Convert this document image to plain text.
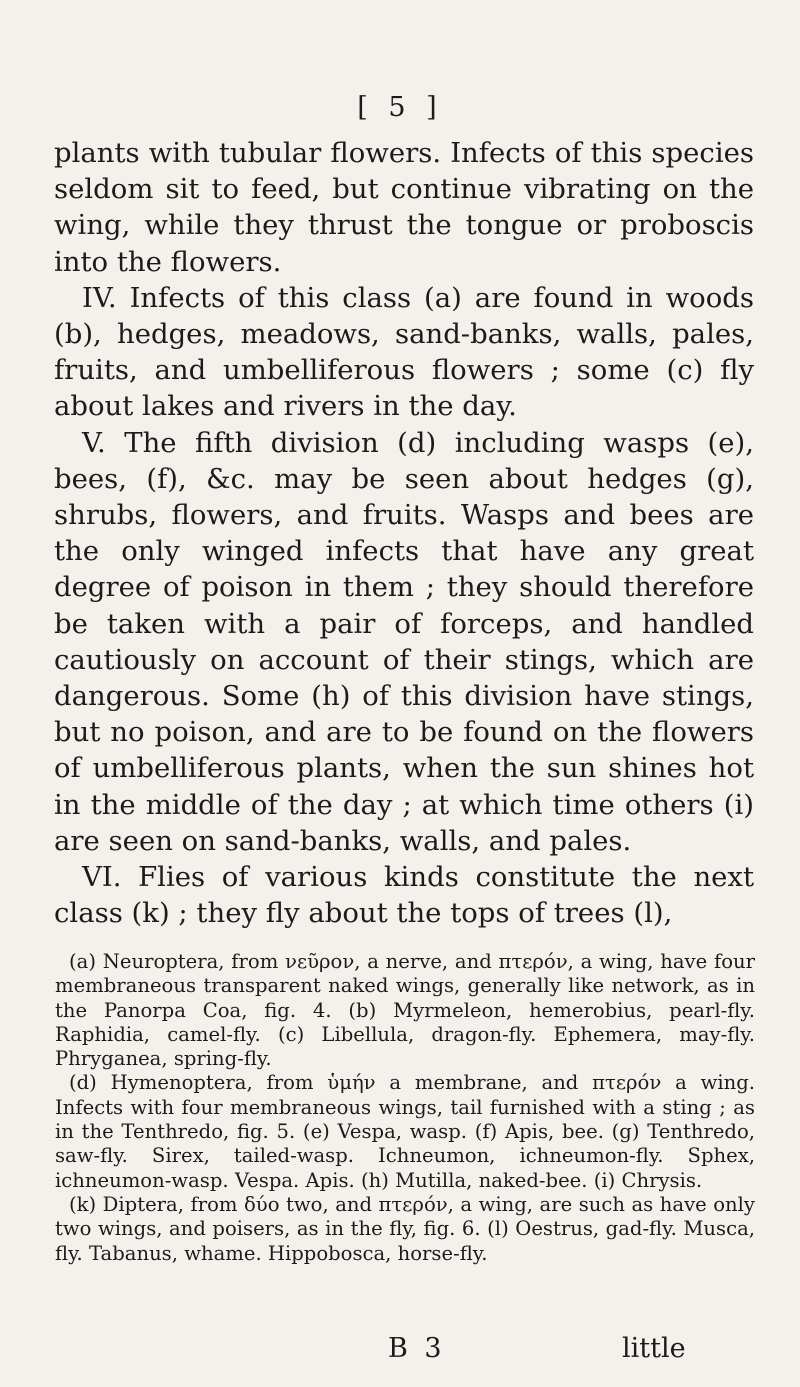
[ 5 ]

plants with tubular flowers. Infects of this species seldom sit to feed, but continue vibrating on the wing, while they thrust the tongue or proboscis into the flowers.

IV. Infects of this class (a) are found in woods (b), hedges, meadows, sand-banks, walls, pales, fruits, and umbelliferous flowers ; some (c) fly about lakes and rivers in the day.

V. The fifth division (d) including wasps (e), bees, (f), &c. may be seen about hedges (g), shrubs, flowers, and fruits. Wasps and bees are the only winged infects that have any great degree of poison in them ; they should therefore be taken with a pair of forceps, and handled cautiously on account of their stings, which are dangerous. Some (h) of this division have stings, but no poison, and are to be found on the flowers of umbelliferous plants, when the sun shines hot in the middle of the day ; at which time others (i) are seen on sand-banks, walls, and pales.

VI. Flies of various kinds constitute the next class (k) ; they fly about the tops of trees (l),

(a) Neuroptera, from νεῦρον, a nerve, and πτερόν, a wing, have four membraneous transparent naked wings, generally like network, as in the Panorpa Coa, fig. 4. (b) Myrmeleon, hemerobius, pearl-fly. Raphidia, camel-fly. (c) Libellula, dragon-fly. Ephemera, may-fly. Phryganea, spring-fly.

(d) Hymenoptera, from ὑμήν a membrane, and πτερόν a wing. Infects with four membraneous wings, tail furnished with a sting ; as in the Tenthredo, fig. 5. (e) Vespa, wasp. (f) Apis, bee. (g) Tenthredo, saw-fly. Sirex, tailed-wasp. Ichneumon, ichneumon-fly. Sphex, ichneumon-wasp. Vespa. Apis. (h) Mutilla, naked-bee. (i) Chrysis.

(k) Diptera, from δύο two, and πτερόν, a wing, are such as have only two wings, and poisers, as in the fly, fig. 6. (l) Oestrus, gad-fly. Musca, fly. Tabanus, whame. Hippobosca, horse-fly.

B 3	little
